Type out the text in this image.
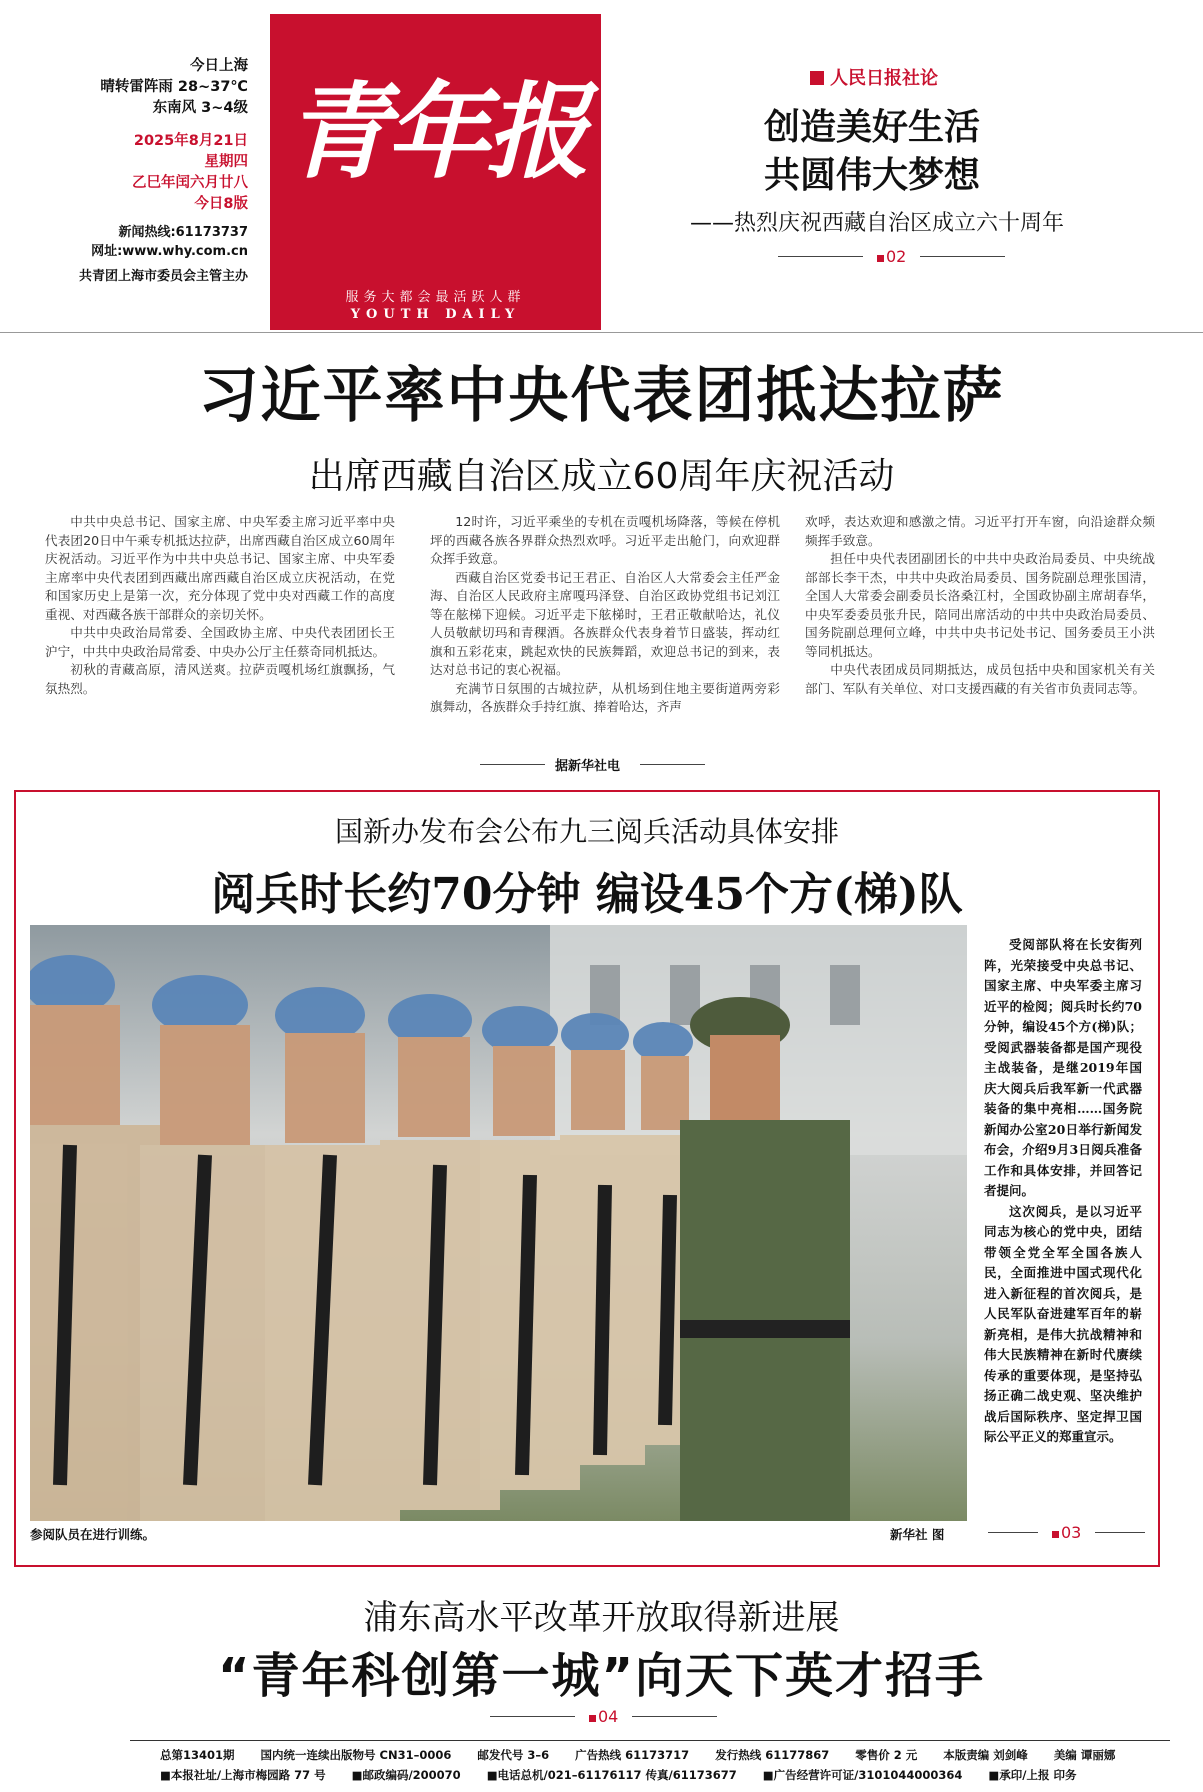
今日上海
晴转雷阵雨 28~37℃
东南风 3~4级
2025年8月21日
星期四
乙巳年闰六月廿八
今日8版
新闻热线:61173737
网址:www.why.com.cn
共青团上海市委员会主管主办
青年报
服务大都会最活跃人群
YOUTH DAILY
人民日报社论
创造美好生活
共圆伟大梦想
——热烈庆祝西藏自治区成立六十周年
02
习近平率中央代表团抵达拉萨
出席西藏自治区成立60周年庆祝活动

中共中央总书记、国家主席、中央军委主席习近平率中央代表团20日中午乘专机抵达拉萨，出席西藏自治区成立60周年庆祝活动。习近平作为中共中央总书记、国家主席、中央军委主席率中央代表团到西藏出席西藏自治区成立庆祝活动，在党和国家历史上是第一次，充分体现了党中央对西藏工作的高度重视、对西藏各族干部群众的亲切关怀。

中共中央政治局常委、全国政协主席、中央代表团团长王沪宁，中共中央政治局常委、中央办公厅主任蔡奇同机抵达。

初秋的青藏高原，清风送爽。拉萨贡嘎机场红旗飘扬，气氛热烈。

12时许，习近平乘坐的专机在贡嘎机场降落，等候在停机坪的西藏各族各界群众热烈欢呼。习近平走出舱门，向欢迎群众挥手致意。

西藏自治区党委书记王君正、自治区人大常委会主任严金海、自治区人民政府主席嘎玛泽登、自治区政协党组书记刘江等在舷梯下迎候。习近平走下舷梯时，王君正敬献哈达，礼仪人员敬献切玛和青稞酒。各族群众代表身着节日盛装，挥动红旗和五彩花束，跳起欢快的民族舞蹈，欢迎总书记的到来，表达对总书记的衷心祝福。

充满节日氛围的古城拉萨，从机场到住地主要街道两旁彩旗舞动，各族群众手持红旗、捧着哈达，齐声

欢呼，表达欢迎和感激之情。习近平打开车窗，向沿途群众频频挥手致意。

担任中央代表团副团长的中共中央政治局委员、中央统战部部长李干杰，中共中央政治局委员、国务院副总理张国清，全国人大常委会副委员长洛桑江村，全国政协副主席胡春华，中央军委委员张升民，陪同出席活动的中共中央政治局委员、国务院副总理何立峰，中共中央书记处书记、国务委员王小洪等同机抵达。

中央代表团成员同期抵达，成员包括中央和国家机关有关部门、军队有关单位、对口支援西藏的有关省市负责同志等。

据新华社电
国新办发布会公布九三阅兵活动具体安排
阅兵时长约70分钟 编设45个方(梯)队
参阅队员在进行训练。	新华社 图

受阅部队将在长安街列阵，光荣接受中央总书记、国家主席、中央军委主席习近平的检阅；阅兵时长约70分钟，编设45个方(梯)队；受阅武器装备都是国产现役主战装备，是继2019年国庆大阅兵后我军新一代武器装备的集中亮相……国务院新闻办公室20日举行新闻发布会，介绍9月3日阅兵准备工作和具体安排，并回答记者提问。

这次阅兵，是以习近平同志为核心的党中央，团结带领全党全军全国各族人民，全面推进中国式现代化进入新征程的首次阅兵，是人民军队奋进建军百年的崭新亮相，是伟大抗战精神和伟大民族精神在新时代赓续传承的重要体现，是坚持弘扬正确二战史观、坚决维护战后国际秩序、坚定捍卫国际公平正义的郑重宣示。

03
浦东高水平改革开放取得新进展
“青年科创第一城”向天下英才招手
04
总第13401期 国内统一连续出版物号 CN31–0006 邮发代号 3–6 广告热线 61173717 发行热线 61177867 零售价 2 元 本版责编 刘剑峰 美编 谭丽娜
■本报社址/上海市梅园路 77 号 ■邮政编码/200070 ■电话总机/021–61176117 传真/61173677 ■广告经营许可证/3101044000364 ■承印/上报 印务
